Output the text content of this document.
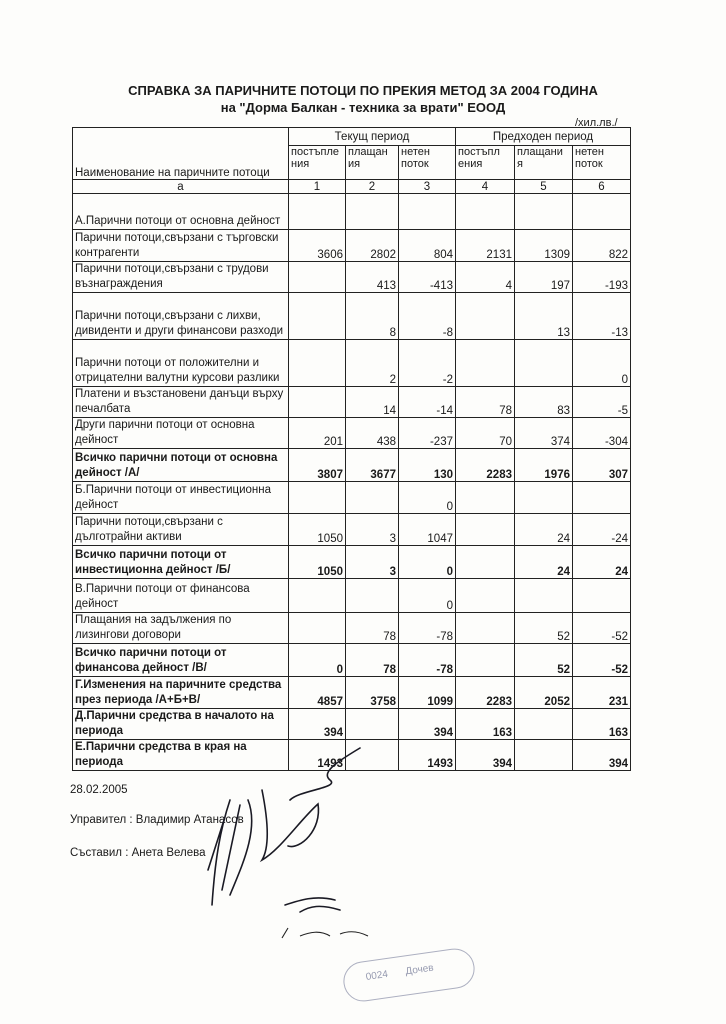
СПРАВКА ЗА ПАРИЧНИТЕ ПОТОЦИ ПО ПРЕКИЯ МЕТОД ЗА 2004 ГОДИНА
на "Дорма Балкан - техника за врати" ЕООД
/хил.лв./
Наименование на паричните потоци	Текущ период			Предходен период		
	постъпле ния	плащан ия	нетен поток	постъпл ения	плащани я	нетен поток
а	1	2	3	4	5	6
А.Парични потоци от основна дейност						
Парични потоци,свързани с търговски контрагенти	3606	2802	804	2131	1309	822
Парични потоци,свързани с трудови възнаграждения		413	-413	4	197	-193
Парични потоци,свързани с лихви, дивиденти и други финансови разходи		8	-8		13	-13
Парични потоци от положителни и отрицателни валутни курсови разлики		2	-2			0
Платени и възстановени данъци върху печалбата		14	-14	78	83	-5
Други парични потоци от основна дейност	201	438	-237	70	374	-304
Всичко парични потоци от основна дейност /А/	3807	3677	130	2283	1976	307
Б.Парични потоци от инвестиционна дейност			0			
Парични потоци,свързани с дълготрайни активи	1050	3	1047		24	-24
Всичко парични потоци от инвестиционна дейност /Б/	1050	3	0		24	24
В.Парични потоци от финансова дейност			0			
Плащания на задължения по лизингови договори		78	-78		52	-52
Всичко парични потоци от финансова дейност /В/	0	78	-78		52	-52
Г.Изменения на паричните средства през периода /А+Б+В/	4857	3758	1099	2283	2052	231
Д.Парични средства в началото на периода	394		394	163		163
Е.Парични средства в края на периода	1493		1493	394		394
28.02.2005
Управител : Владимир Атанасов
Съставил : Анета Велева
0024 Дочев
